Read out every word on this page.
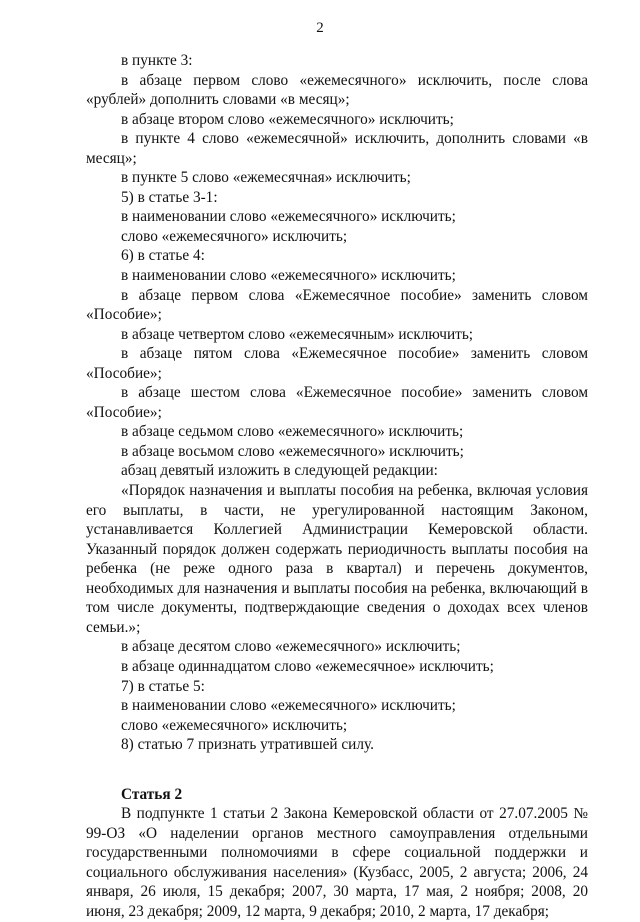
2

в пункте 3:

в абзаце первом слово «ежемесячного» исключить, после слова «рублей» дополнить словами «в месяц»;

в абзаце втором слово «ежемесячного» исключить;

в пункте 4 слово «ежемесячной» исключить, дополнить словами «в месяц»;

в пункте 5 слово «ежемесячная» исключить;

5) в статье 3-1:

в наименовании слово «ежемесячного» исключить;

слово «ежемесячного» исключить;

6) в статье 4:

в наименовании слово «ежемесячного» исключить;

в абзаце первом слова «Ежемесячное пособие» заменить словом «Пособие»;

в абзаце четвертом слово «ежемесячным» исключить;

в абзаце пятом слова «Ежемесячное пособие» заменить словом «Пособие»;

в абзаце шестом слова «Ежемесячное пособие» заменить словом «Пособие»;

в абзаце седьмом слово «ежемесячного» исключить;

в абзаце восьмом слово «ежемесячного» исключить;

абзац девятый изложить в следующей редакции:

«Порядок назначения и выплаты пособия на ребенка, включая условия его выплаты, в части, не урегулированной настоящим Законом, устанавливается Коллегией Администрации Кемеровской области. Указанный порядок должен содержать периодичность выплаты пособия на ребенка (не реже одного раза в квартал) и перечень документов, необходимых для назначения и выплаты пособия на ребенка, включающий в том числе документы, подтверждающие сведения о доходах всех членов семьи.»;

в абзаце десятом слово «ежемесячного» исключить;

в абзаце одиннадцатом слово «ежемесячное» исключить;

7) в статье 5:

в наименовании слово «ежемесячного» исключить;

слово «ежемесячного» исключить;

8) статью 7 признать утратившей силу.

Статья 2

В подпункте 1 статьи 2 Закона Кемеровской области от 27.07.2005 № 99-ОЗ «О наделении органов местного самоуправления отдельными государственными полномочиями в сфере социальной поддержки и социального обслуживания населения» (Кузбасс, 2005, 2 августа; 2006, 24 января, 26 июля, 15 декабря; 2007, 30 марта, 17 мая, 2 ноября; 2008, 20 июня, 23 декабря; 2009, 12 марта, 9 декабря; 2010, 2 марта, 17 декабря;
